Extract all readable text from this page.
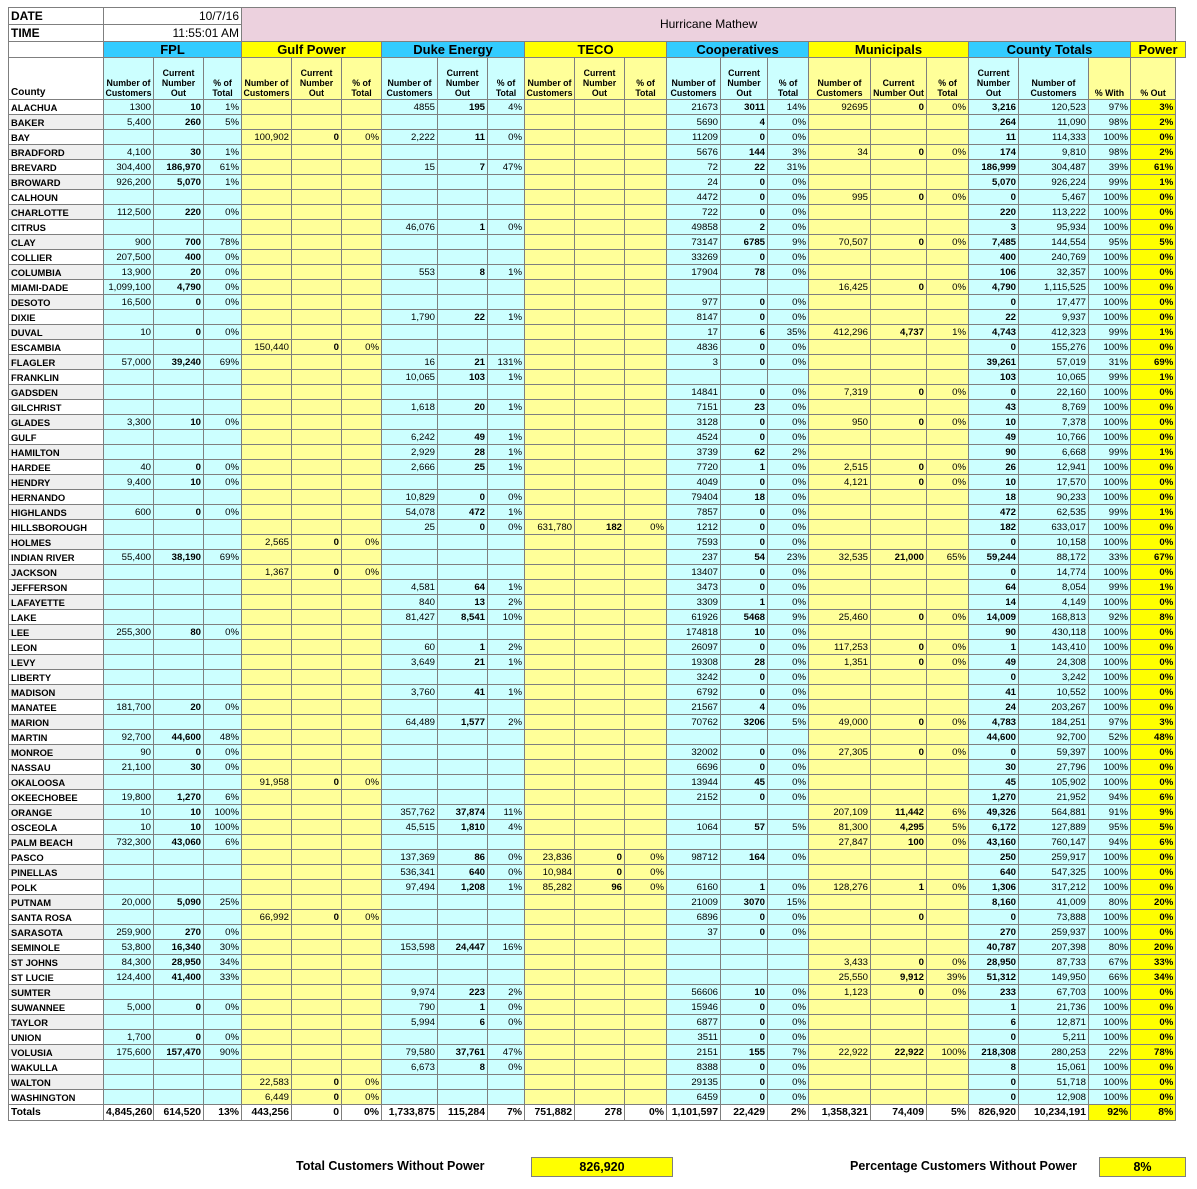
DATE	10/7/16			Hurricane Mathew																		
TIME	11:55:01 AM																					
	FPL			Gulf Power			Duke Energy			TECO			Cooperatives			Municipals			County Totals			Power
County	Number of Customers	Current Number Out	% of Total	Number of Customers	Current Number Out	% of Total	Number of Customers	Current Number Out	% of Total	Number of Customers	Current Number Out	% of Total	Number of Customers	Current Number Out	% of Total	Number of Customers	Current Number Out	% of Total	Current Number Out	Number of Customers	% With	% Out
ALACHUA	1300	10	1%				4855	195	4%				21673	3011	14%	92695	0	0%	3,216	120,523	97%	3%
BAKER	5,400	260	5%										5690	4	0%				264	11,090	98%	2%
BAY				100,902	0	0%	2,222	11	0%				11209	0	0%				11	114,333	100%	0%
BRADFORD	4,100	30	1%										5676	144	3%	34	0	0%	174	9,810	98%	2%
BREVARD	304,400	186,970	61%				15	7	47%				72	22	31%				186,999	304,487	39%	61%
BROWARD	926,200	5,070	1%										24	0	0%				5,070	926,224	99%	1%
CALHOUN													4472	0	0%	995	0	0%	0	5,467	100%	0%
CHARLOTTE	112,500	220	0%										722	0	0%				220	113,222	100%	0%
CITRUS							46,076	1	0%				49858	2	0%				3	95,934	100%	0%
CLAY	900	700	78%										73147	6785	9%	70,507	0	0%	7,485	144,554	95%	5%
COLLIER	207,500	400	0%										33269	0	0%				400	240,769	100%	0%
COLUMBIA	13,900	20	0%				553	8	1%				17904	78	0%				106	32,357	100%	0%
MIAMI-DADE	1,099,100	4,790	0%													16,425	0	0%	4,790	1,115,525	100%	0%
DESOTO	16,500	0	0%										977	0	0%				0	17,477	100%	0%
DIXIE							1,790	22	1%				8147	0	0%				22	9,937	100%	0%
DUVAL	10	0	0%										17	6	35%	412,296	4,737	1%	4,743	412,323	99%	1%
ESCAMBIA				150,440	0	0%							4836	0	0%				0	155,276	100%	0%
FLAGLER	57,000	39,240	69%				16	21	131%				3	0	0%				39,261	57,019	31%	69%
FRANKLIN							10,065	103	1%										103	10,065	99%	1%
GADSDEN													14841	0	0%	7,319	0	0%	0	22,160	100%	0%
GILCHRIST							1,618	20	1%				7151	23	0%				43	8,769	100%	0%
GLADES	3,300	10	0%										3128	0	0%	950	0	0%	10	7,378	100%	0%
GULF							6,242	49	1%				4524	0	0%				49	10,766	100%	0%
HAMILTON							2,929	28	1%				3739	62	2%				90	6,668	99%	1%
HARDEE	40	0	0%				2,666	25	1%				7720	1	0%	2,515	0	0%	26	12,941	100%	0%
HENDRY	9,400	10	0%										4049	0	0%	4,121	0	0%	10	17,570	100%	0%
HERNANDO							10,829	0	0%				79404	18	0%				18	90,233	100%	0%
HIGHLANDS	600	0	0%				54,078	472	1%				7857	0	0%				472	62,535	99%	1%
HILLSBOROUGH							25	0	0%	631,780	182	0%	1212	0	0%				182	633,017	100%	0%
HOLMES				2,565	0	0%							7593	0	0%				0	10,158	100%	0%
INDIAN RIVER	55,400	38,190	69%										237	54	23%	32,535	21,000	65%	59,244	88,172	33%	67%
JACKSON				1,367	0	0%							13407	0	0%				0	14,774	100%	0%
JEFFERSON							4,581	64	1%				3473	0	0%				64	8,054	99%	1%
LAFAYETTE							840	13	2%				3309	1	0%				14	4,149	100%	0%
LAKE							81,427	8,541	10%				61926	5468	9%	25,460	0	0%	14,009	168,813	92%	8%
LEE	255,300	80	0%										174818	10	0%				90	430,118	100%	0%
LEON							60	1	2%				26097	0	0%	117,253	0	0%	1	143,410	100%	0%
LEVY							3,649	21	1%				19308	28	0%	1,351	0	0%	49	24,308	100%	0%
LIBERTY													3242	0	0%				0	3,242	100%	0%
MADISON							3,760	41	1%				6792	0	0%				41	10,552	100%	0%
MANATEE	181,700	20	0%										21567	4	0%				24	203,267	100%	0%
MARION							64,489	1,577	2%				70762	3206	5%	49,000	0	0%	4,783	184,251	97%	3%
MARTIN	92,700	44,600	48%																44,600	92,700	52%	48%
MONROE	90	0	0%										32002	0	0%	27,305	0	0%	0	59,397	100%	0%
NASSAU	21,100	30	0%										6696	0	0%				30	27,796	100%	0%
OKALOOSA				91,958	0	0%							13944	45	0%				45	105,902	100%	0%
OKEECHOBEE	19,800	1,270	6%										2152	0	0%				1,270	21,952	94%	6%
ORANGE	10	10	100%				357,762	37,874	11%							207,109	11,442	6%	49,326	564,881	91%	9%
OSCEOLA	10	10	100%				45,515	1,810	4%				1064	57	5%	81,300	4,295	5%	6,172	127,889	95%	5%
PALM BEACH	732,300	43,060	6%													27,847	100	0%	43,160	760,147	94%	6%
PASCO							137,369	86	0%	23,836	0	0%	98712	164	0%				250	259,917	100%	0%
PINELLAS							536,341	640	0%	10,984	0	0%							640	547,325	100%	0%
POLK							97,494	1,208	1%	85,282	96	0%	6160	1	0%	128,276	1	0%	1,306	317,212	100%	0%
PUTNAM	20,000	5,090	25%										21009	3070	15%				8,160	41,009	80%	20%
SANTA ROSA				66,992	0	0%							6896	0	0%		0		0	73,888	100%	0%
SARASOTA	259,900	270	0%										37	0	0%				270	259,937	100%	0%
SEMINOLE	53,800	16,340	30%				153,598	24,447	16%										40,787	207,398	80%	20%
ST JOHNS	84,300	28,950	34%													3,433	0	0%	28,950	87,733	67%	33%
ST LUCIE	124,400	41,400	33%													25,550	9,912	39%	51,312	149,950	66%	34%
SUMTER							9,974	223	2%				56606	10	0%	1,123	0	0%	233	67,703	100%	0%
SUWANNEE	5,000	0	0%				790	1	0%				15946	0	0%				1	21,736	100%	0%
TAYLOR							5,994	6	0%				6877	0	0%				6	12,871	100%	0%
UNION	1,700	0	0%										3511	0	0%				0	5,211	100%	0%
VOLUSIA	175,600	157,470	90%				79,580	37,761	47%				2151	155	7%	22,922	22,922	100%	218,308	280,253	22%	78%
WAKULLA							6,673	8	0%				8388	0	0%				8	15,061	100%	0%
WALTON				22,583	0	0%							29135	0	0%				0	51,718	100%	0%
WASHINGTON				6,449	0	0%							6459	0	0%				0	12,908	100%	0%
Totals	4,845,260	614,520	13%	443,256	0	0%	1,733,875	115,284	7%	751,882	278	0%	1,101,597	22,429	2%	1,358,321	74,409	5%	826,920	10,234,191	92%	8%
Total Customers Without Power	826,920	Percentage Customers Without Power	8%
